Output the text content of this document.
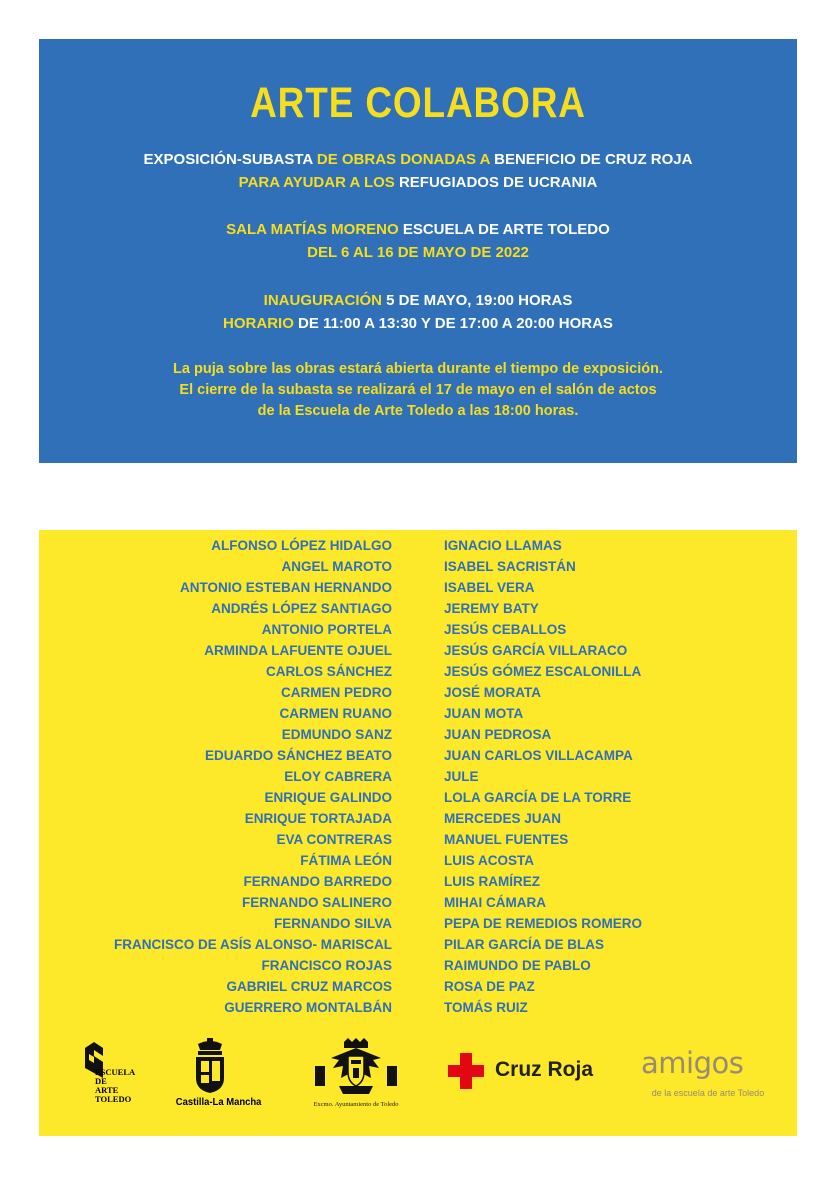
ARTE COLABORA
EXPOSICIÓN-SUBASTA DE OBRAS DONADAS A BENEFICIO DE CRUZ ROJA
PARA AYUDAR A LOS REFUGIADOS DE UCRANIA
SALA MATÍAS MORENO ESCUELA DE ARTE TOLEDO
DEL 6 AL 16 DE MAYO DE 2022
INAUGURACIÓN 5 DE MAYO, 19:00 HORAS
HORARIO DE 11:00 A 13:30 Y DE 17:00 A 20:00 HORAS
La puja sobre las obras estará abierta durante el tiempo de exposición.
El cierre de la subasta se realizará el 17 de mayo en el salón de actos
de la Escuela de Arte Toledo a las 18:00 horas.
ALFONSO LÓPEZ HIDALGO
ANGEL MAROTO
ANTONIO ESTEBAN HERNANDO
ANDRÉS LÓPEZ SANTIAGO
ANTONIO PORTELA
ARMINDA LAFUENTE OJUEL
CARLOS SÁNCHEZ
CARMEN PEDRO
CARMEN RUANO
EDMUNDO SANZ
EDUARDO SÁNCHEZ BEATO
ELOY CABRERA
ENRIQUE GALINDO
ENRIQUE TORTAJADA
EVA CONTRERAS
FÁTIMA LEÓN
FERNANDO BARREDO
FERNANDO SALINERO
FERNANDO SILVA
FRANCISCO DE ASÍS ALONSO- MARISCAL
FRANCISCO ROJAS
GABRIEL CRUZ MARCOS
GUERRERO MONTALBÁN
IGNACIO LLAMAS
ISABEL SACRISTÁN
ISABEL VERA
JEREMY BATY
JESÚS CEBALLOS
JESÚS GARCÍA VILLARACO
JESÚS GÓMEZ ESCALONILLA
JOSÉ MORATA
JUAN MOTA
JUAN PEDROSA
JUAN CARLOS VILLACAMPA
JULE
LOLA GARCÍA DE LA TORRE
MERCEDES JUAN
MANUEL FUENTES
LUIS ACOSTA
LUIS RAMÍREZ
MIHAI CÁMARA
PEPA DE REMEDIOS ROMERO
PILAR GARCÍA DE BLAS
RAIMUNDO DE PABLO
ROSA DE PAZ
TOMÁS RUIZ
ESCUELA
DE
ARTE
TOLEDO	Castilla-La Mancha	Excmo. Ayuntamiento de Toledo
Cruz Roja amigos
de la escuela de arte Toledo
